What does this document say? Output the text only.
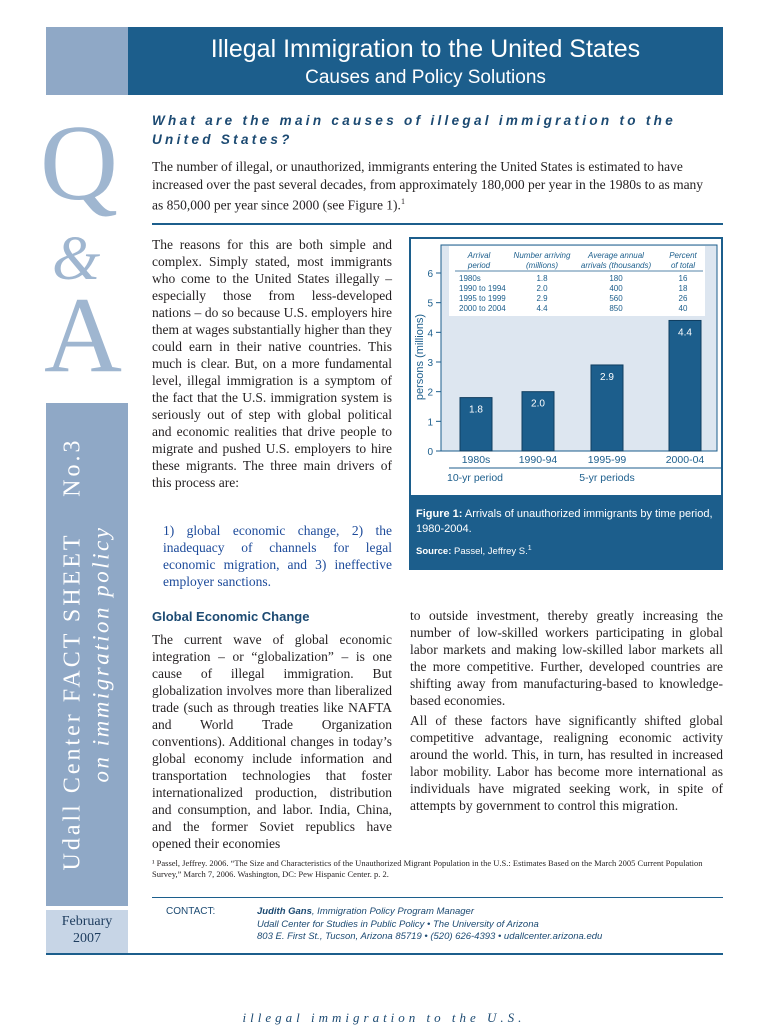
Illegal Immigration to the United States
Causes and Policy Solutions
Q
&
A
Udall Center FACT SHEET    No.3 on immigration policy
February
2007
What are the main causes of illegal immigration to the United States?
The number of illegal, or unauthorized, immigrants entering the United States is estimated to have increased over the past several decades, from approximately 180,000 per year in the 1980s to as many as 850,000 per year since 2000 (see Figure 1).$^1$
The reasons for this are both simple and complex. Simply stated, most immigrants who come to the United States illegally – especially those from less-developed nations – do so because U.S. employers hire them at wages substantially higher than they could earn in their native countries. This much is clear. But, on a more fundamental level, illegal immigration is a symptom of the fact that the U.S. immigration system is seriously out of step with global political and economic realities that drive people to migrate and pushed U.S. employers to hire these migrants. The three main drivers of this process are:
1) global economic change, 2) the inadequacy of channels for legal economic migration, and 3) ineffective employer sanctions.
0
1
2
3
4
5
6
1.8
1980s
2.0
1990-94
2.9
1995-99
4.4
2000-04
Arrival
period
Number arriving
(millions)
Average annual
arrivals (thousands)
Percent
of total
1980s	1.8	180	16
1990 to 1994	2.0	400	18
1995 to 1999	2.9	560	26
2000 to 2004	4.4	850	40
persons (millions)
10-yr period	5-yr periods
Figure 1: Arrivals of unauthorized immigrants by time period, 1980-2004.
Source: Passel, Jeffrey S.$^1$
Global Economic Change
The current wave of global economic integration – or “globalization” – is one cause of illegal immigration. But globalization involves more than liberalized trade (such as through treaties like NAFTA and World Trade Organization conventions). Additional changes in today’s global economy include information and transportation technologies that foster internationalized production, distribution and consumption, and labor. India, China, and the former Soviet republics have opened their economies
to outside investment, thereby greatly increasing the number of low-skilled workers participating in global labor markets and making low-skilled labor markets all the more competitive. Further, developed countries are shifting away from manufacturing-based to knowledge-based economies.
All of these factors have significantly shifted global competitive advantage, realigning economic activity around the world. This, in turn, has resulted in increased labor mobility. Labor has become more international as individuals have migrated seeking work, in spite of attempts by government to control this migration.
¹ Passel, Jeffrey. 2006. “The Size and Characteristics of the Unauthorized Migrant Population in the U.S.: Estimates Based on the March 2005 Current Population Survey,” March 7, 2006. Washington, DC: Pew Hispanic Center. p. 2.
CONTACT:	Judith Gans, Immigration Policy Program Manager
Udall Center for Studies in Public Policy • The University of Arizona
803 E. First St., Tucson, Arizona 85719 • (520) 626-4393 • udallcenter.arizona.edu
illegal immigration to the U.S.
